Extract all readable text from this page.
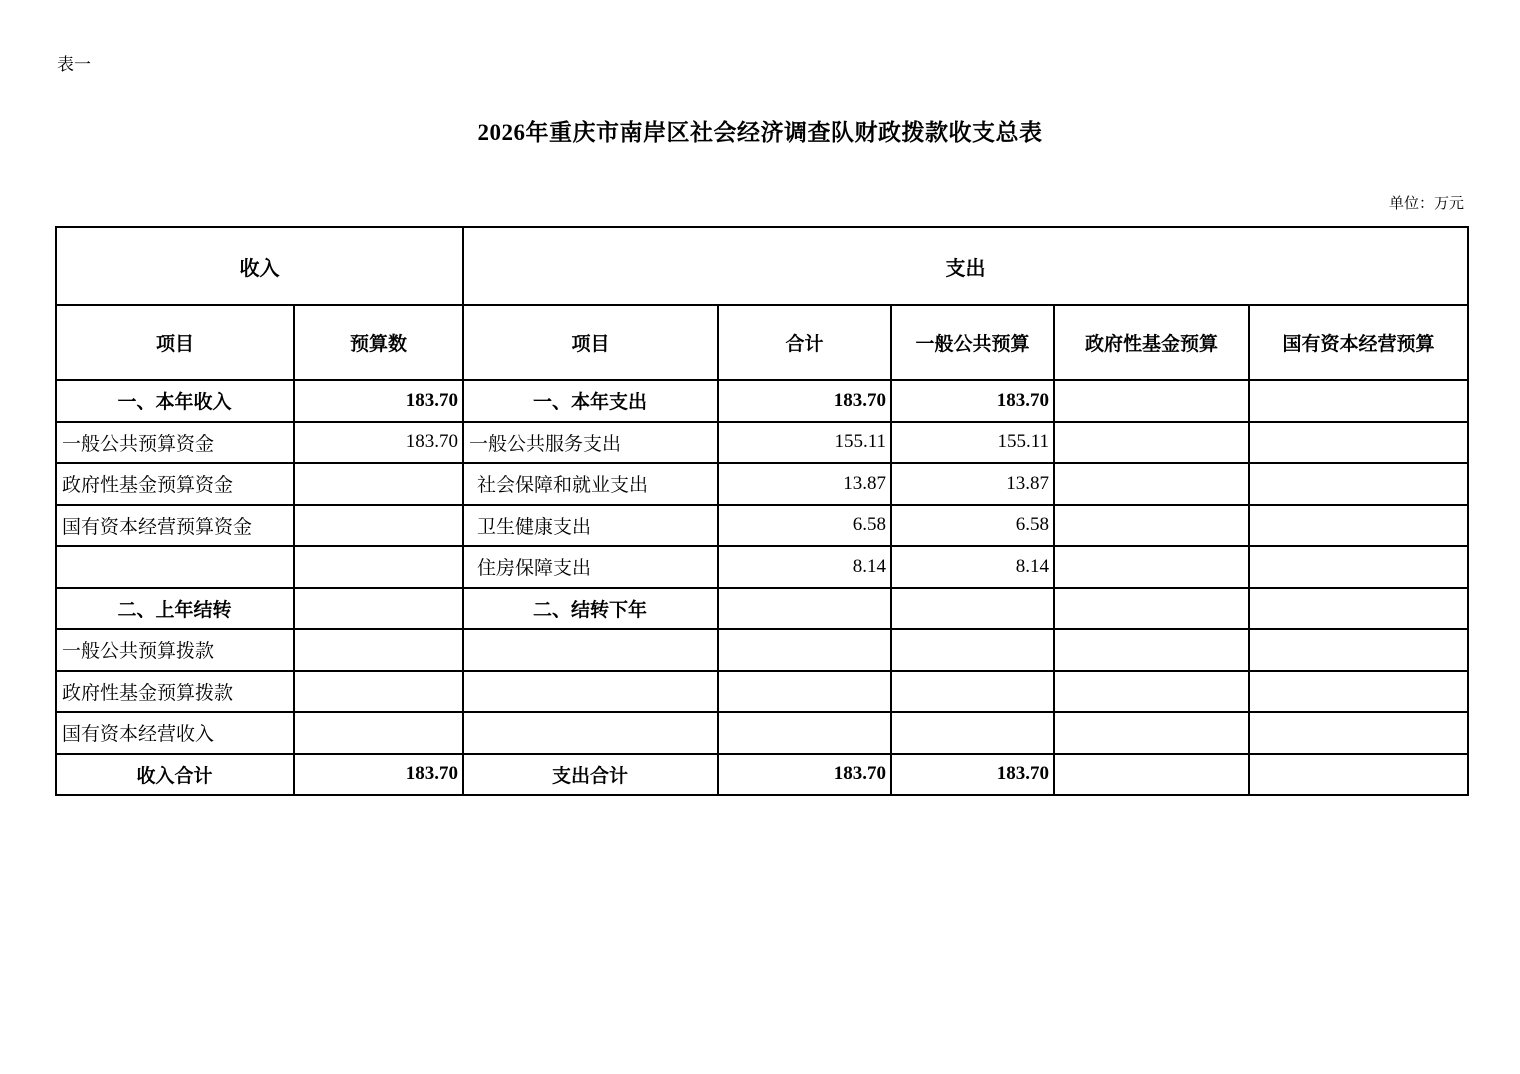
表一
2026年重庆市南岸区社会经济调查队财政拨款收支总表
单位：万元
收入		支出				
项目	预算数	项目	合计	一般公共预算	政府性基金预算	国有资本经营预算
一、本年收入	183.70	一、本年支出	183.70	183.70		
一般公共预算资金	183.70	一般公共服务支出	155.11	155.11		
政府性基金预算资金		社会保障和就业支出	13.87	13.87		
国有资本经营预算资金		卫生健康支出	6.58	6.58		
		住房保障支出	8.14	8.14		
二、上年结转		二、结转下年				
一般公共预算拨款						
政府性基金预算拨款						
国有资本经营收入						
收入合计	183.70	支出合计	183.70	183.70		
